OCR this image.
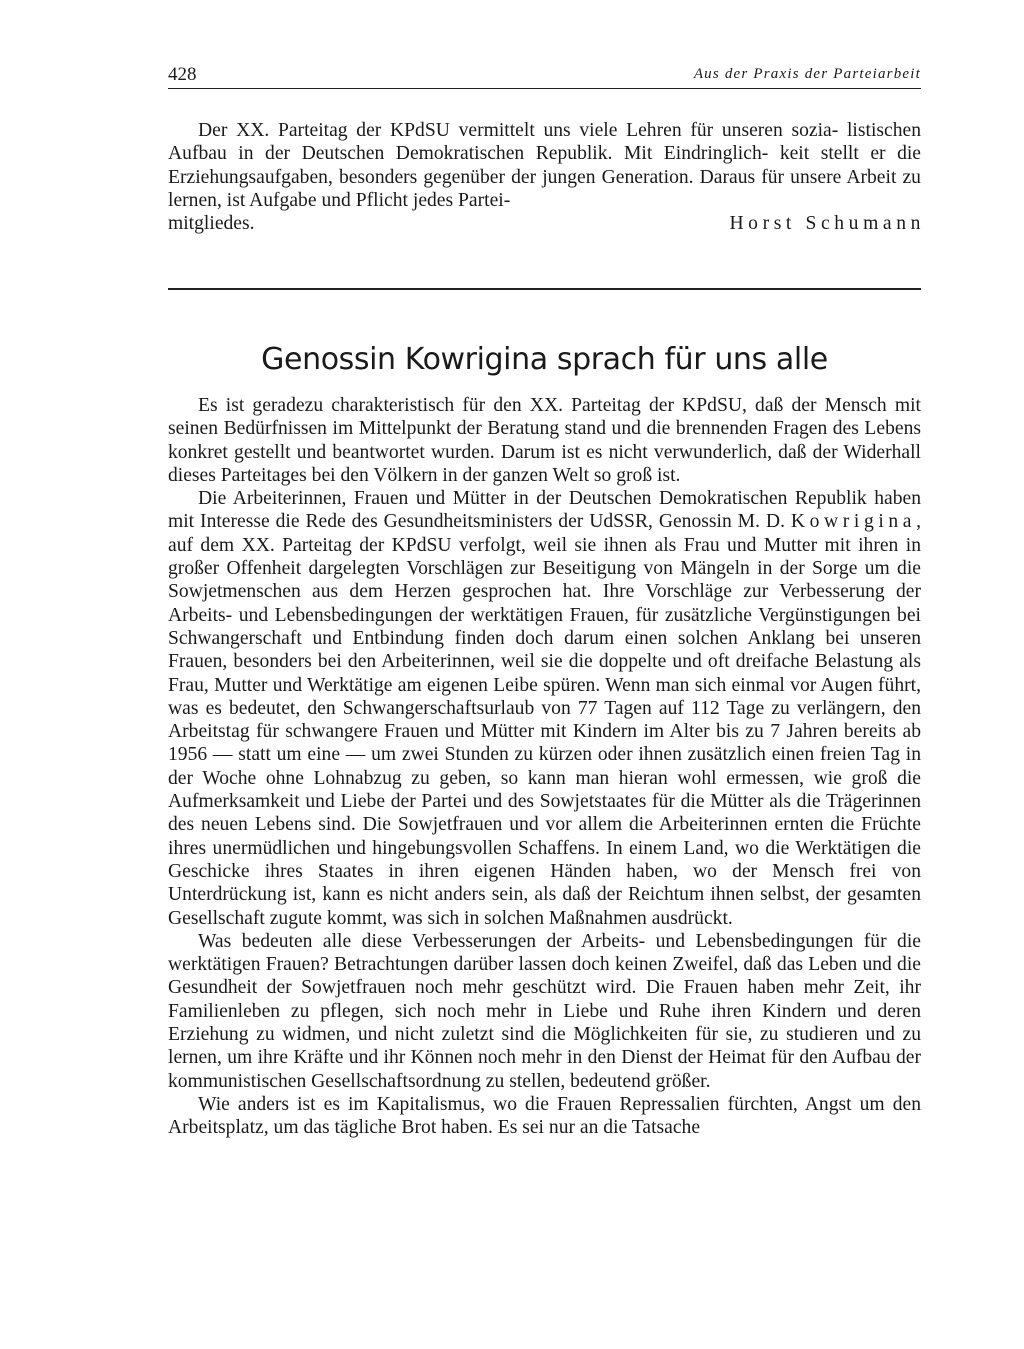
428	Aus der Praxis der Parteiarbeit

Der XX. Parteitag der KPdSU vermittelt uns viele Lehren für unseren sozia- listischen Aufbau in der Deutschen Demokratischen Republik. Mit Eindringlich- keit stellt er die Erziehungsaufgaben, besonders gegenüber der jungen Generation. Daraus für unsere Arbeit zu lernen, ist Aufgabe und Pflicht jedes Partei-

mitgliedes.	Horst Schumann
Genossin Kowrigina sprach für uns alle

Es ist geradezu charakteristisch für den XX. Parteitag der KPdSU, daß der Mensch mit seinen Bedürfnissen im Mittelpunkt der Beratung stand und die brennenden Fragen des Lebens konkret gestellt und beantwortet wurden. Darum ist es nicht verwunderlich, daß der Widerhall dieses Parteitages bei den Völkern in der ganzen Welt so groß ist.

Die Arbeiterinnen, Frauen und Mütter in der Deutschen Demokratischen Republik haben mit Interesse die Rede des Gesundheitsministers der UdSSR, Genossin M. D. Kowrigina, auf dem XX. Parteitag der KPdSU verfolgt, weil sie ihnen als Frau und Mutter mit ihren in großer Offenheit dargelegten Vorschlägen zur Beseitigung von Mängeln in der Sorge um die Sowjetmenschen aus dem Herzen gesprochen hat. Ihre Vorschläge zur Verbesserung der Arbeits- und Lebensbedingungen der werktätigen Frauen, für zusätzliche Vergünstigungen bei Schwangerschaft und Entbindung finden doch darum einen solchen Anklang bei unseren Frauen, besonders bei den Arbeiterinnen, weil sie die doppelte und oft dreifache Belastung als Frau, Mutter und Werktätige am eigenen Leibe spüren. Wenn man sich einmal vor Augen führt, was es bedeutet, den Schwangerschaftsurlaub von 77 Tagen auf 112 Tage zu verlängern, den Arbeitstag für schwangere Frauen und Mütter mit Kindern im Alter bis zu 7 Jahren bereits ab 1956 — statt um eine — um zwei Stunden zu kürzen oder ihnen zusätzlich einen freien Tag in der Woche ohne Lohnabzug zu geben, so kann man hieran wohl ermessen, wie groß die Aufmerksamkeit und Liebe der Partei und des Sowjetstaates für die Mütter als die Trägerinnen des neuen Lebens sind. Die Sowjetfrauen und vor allem die Arbeiterinnen ernten die Früchte ihres unermüdlichen und hingebungsvollen Schaffens. In einem Land, wo die Werktätigen die Geschicke ihres Staates in ihren eigenen Händen haben, wo der Mensch frei von Unterdrückung ist, kann es nicht anders sein, als daß der Reichtum ihnen selbst, der gesamten Gesellschaft zugute kommt, was sich in solchen Maßnahmen ausdrückt.

Was bedeuten alle diese Verbesserungen der Arbeits- und Lebensbedingungen für die werktätigen Frauen? Betrachtungen darüber lassen doch keinen Zweifel, daß das Leben und die Gesundheit der Sowjetfrauen noch mehr geschützt wird. Die Frauen haben mehr Zeit, ihr Familienleben zu pflegen, sich noch mehr in Liebe und Ruhe ihren Kindern und deren Erziehung zu widmen, und nicht zuletzt sind die Möglichkeiten für sie, zu studieren und zu lernen, um ihre Kräfte und ihr Können noch mehr in den Dienst der Heimat für den Aufbau der kommunistischen Gesellschaftsordnung zu stellen, bedeutend größer.

Wie anders ist es im Kapitalismus, wo die Frauen Repressalien fürchten, Angst um den Arbeitsplatz, um das tägliche Brot haben. Es sei nur an die Tatsache
